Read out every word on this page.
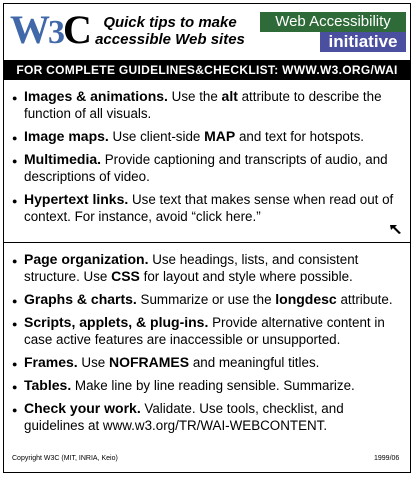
W3C Quick tips to make
accessible Web sites
Web Accessibility
initiative
FOR COMPLETE GUIDELINES&CHECKLIST: WWW.W3.ORG/WAI
● Images & animations. Use the alt attribute to describe the function of all visuals.
● Image maps. Use client-side MAP and text for hotspots.
● Multimedia. Provide captioning and transcripts of audio, and descriptions of video.
● Hypertext links. Use text that makes sense when read out of context. For instance, avoid “click here.”
● Page organization. Use headings, lists, and consistent structure. Use CSS for layout and style where possible.
● Graphs & charts. Summarize or use the longdesc attribute.
● Scripts, applets, & plug-ins. Provide alternative content in case active features are inaccessible or unsupported.
● Frames. Use NOFRAMES and meaningful titles.
● Tables. Make line by line reading sensible. Summarize.
● Check your work. Validate. Use tools, checklist, and guidelines at www.w3.org/TR/WAI-WEBCONTENT.
Copyright W3C (MIT, INRIA, Keio)	1999/06
